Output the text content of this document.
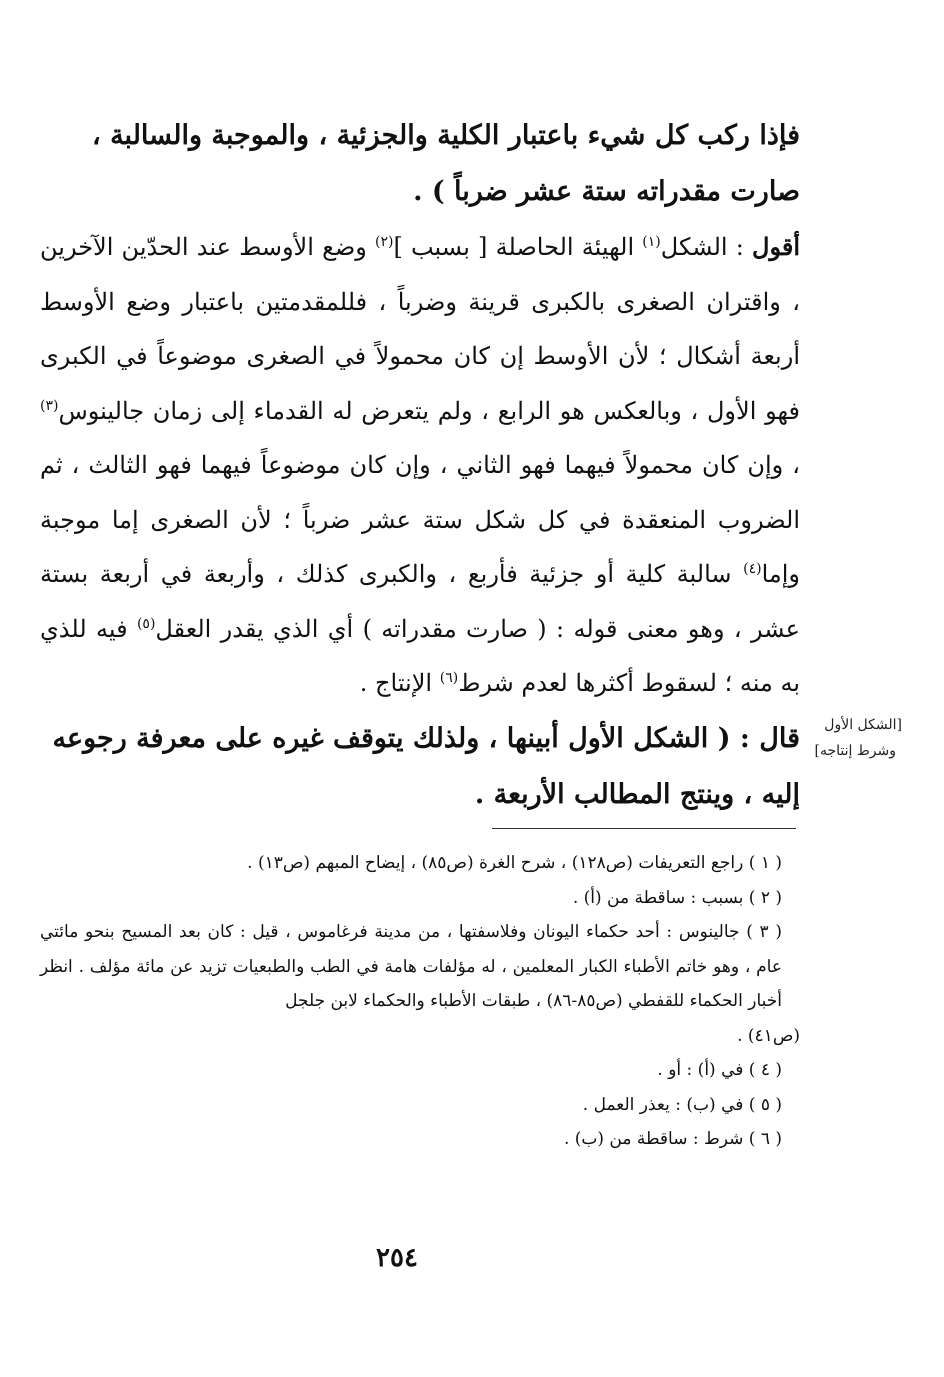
فإذا ركب كل شيء باعتبار الكلية والجزئية ، والموجبة والسالبة ،

صارت مقدراته ستة عشر ضرباً ) .

أقول : الشكل$^{(١)}$ الهيئة الحاصلة [ بسبب ]$^{(٢)}$ وضع الأوسط عند الحدّين الآخرين ، واقتران الصغرى بالكبرى قرينة وضرباً ، فللمقدمتين باعتبار وضع الأوسط أربعة أشكال ؛ لأن الأوسط إن كان محمولاً في الصغرى موضوعاً في الكبرى فهو الأول ، وبالعكس هو الرابع ، ولم يتعرض له القدماء إلى زمان جالينوس$^{(٣)}$ ، وإن كان محمولاً فيهما فهو الثاني ، وإن كان موضوعاً فيهما فهو الثالث ، ثم الضروب المنعقدة في كل شكل ستة عشر ضرباً ؛ لأن الصغرى إما موجبة وإما$^{(٤)}$ سالبة كلية أو جزئية فأربع ، والكبرى كذلك ، وأربعة في أربعة بستة عشر ، وهو معنى قوله : ( صارت مقدراته ) أي الذي يقدر العقل$^{(٥)}$ فيه للذي به منه ؛ لسقوط أكثرها لعدم شرط$^{(٦)}$ الإنتاج .

قال : ( الشكل الأول أبينها ، ولذلك يتوقف غيره على معرفة رجوعه

إليه ، وينتج المطالب الأربعة .

[الشكل الأول
وشرط إنتاجه]

( ١ ) راجع التعريفات (ص١٢٨) ، شرح الغرة (ص٨٥) ، إيضاح المبهم (ص١٣) .

( ٢ ) بسبب : ساقطة من (أ) .

( ٣ ) جالينوس : أحد حكماء اليونان وفلاسفتها ، من مدينة فرغاموس ، قيل : كان بعد المسيح بنحو مائتي عام ، وهو خاتم الأطباء الكبار المعلمين ، له مؤلفات هامة في الطب والطبعيات تزيد عن مائة مؤلف . انظر أخبار الحكماء للقفطي (ص٨٥-٨٦) ، طبقات الأطباء والحكماء لابن جلجل

(ص٤١) .

( ٤ ) في (أ) : أو .

( ٥ ) في (ب) : يعذر العمل .

( ٦ ) شرط : ساقطة من (ب) .

٢٥٤
